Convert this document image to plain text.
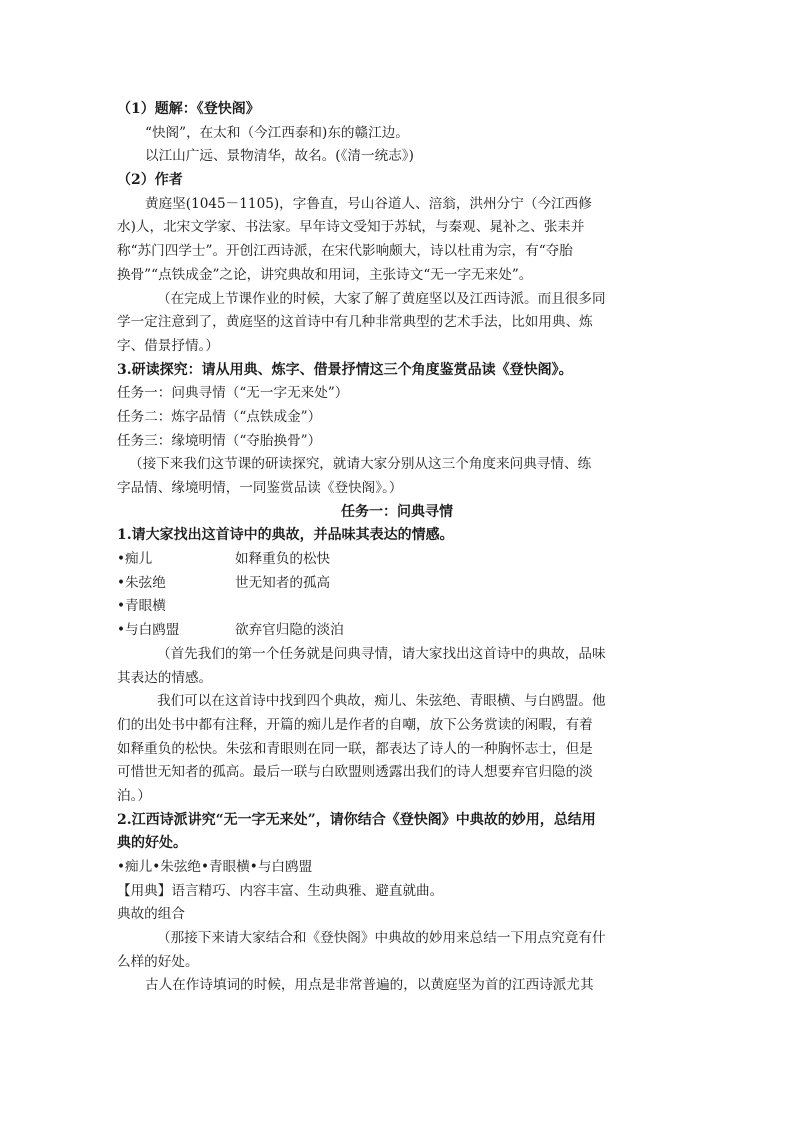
（1）题解：《登快阁》
“快阁”，在太和（今江西泰和)东的赣江边。
以江山广远、景物清华，故名。(《清一统志》)
（2）作者
黄庭坚(1045－1105)，字鲁直，号山谷道人、涪翁，洪州分宁（今江西修
水)人，北宋文学家、书法家。早年诗文受知于苏轼，与秦观、晁补之、张耒并
称“苏门四学士”。开创江西诗派，在宋代影响颇大，诗以杜甫为宗，有“夺胎
换骨”“点铁成金”之论，讲究典故和用词，主张诗文“无一字无来处”。
（在完成上节课作业的时候，大家了解了黄庭坚以及江西诗派。而且很多同
学一定注意到了，黄庭坚的这首诗中有几种非常典型的艺术手法，比如用典、炼
字、借景抒情。）
3.研读探究：请从用典、炼字、借景抒情这三个角度鉴赏品读《登快阁》。
任务一：问典寻情（“无一字无来处”）
任务二：炼字品情（“点铁成金”）
任务三：缘境明情（“夺胎换骨”）
（接下来我们这节课的研读探究，就请大家分别从这三个角度来问典寻情、练
字品情、缘境明情，一同鉴赏品读《登快阁》。）
任务一：问典寻情
1.请大家找出这首诗中的典故，并品味其表达的情感。
•痴儿	如释重负的松快
•朱弦绝	世无知者的孤高
•青眼横
•与白鸥盟	欲弃官归隐的淡泊
（首先我们的第一个任务就是问典寻情，请大家找出这首诗中的典故，品味
其表达的情感。
我们可以在这首诗中找到四个典故，痴儿、朱弦绝、青眼横、与白鸥盟。他
们的出处书中都有注释，开篇的痴儿是作者的自嘲，放下公务赏读的闲暇，有着
如释重负的松快。朱弦和青眼则在同一联，都表达了诗人的一种胸怀志士，但是
可惜世无知者的孤高。最后一联与白欧盟则透露出我们的诗人想要弃官归隐的淡
泊。）
2.江西诗派讲究“无一字无来处”，请你结合《登快阁》中典故的妙用，总结用
典的好处。
•痴儿•朱弦绝•青眼横•与白鸥盟
【用典】语言精巧、内容丰富、生动典雅、避直就曲。
典故的组合
（那接下来请大家结合和《登快阁》中典故的妙用来总结一下用点究竟有什
么样的好处。
古人在作诗填词的时候，用点是非常普遍的，以黄庭坚为首的江西诗派尤其
